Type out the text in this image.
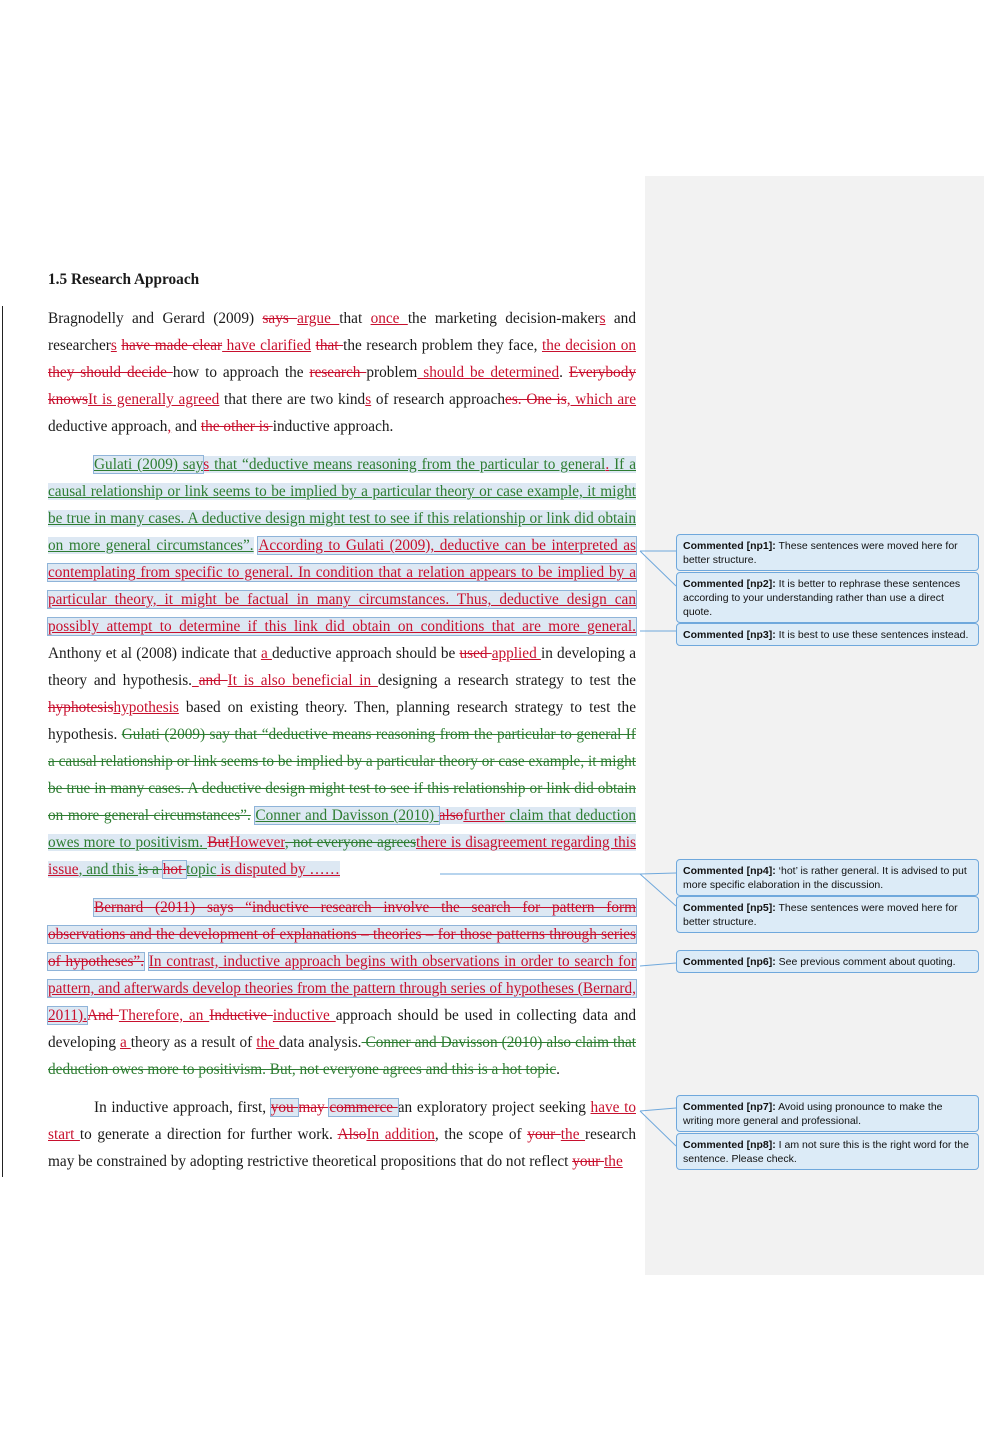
1.5 Research Approach

Bragnodelly and Gerard (2009) says argue that once the marketing decision-makers and researchers have made clear have clarified that the research problem they face, the decision on they should decide how to approach the research problem should be determined. Everybody knowsIt is generally agreed that there are two kinds of research approaches. One is, which are deductive approach, and the other is inductive approach.

Gulati (2009) says that “deductive means reasoning from the particular to general. If a causal relationship or link seems to be implied by a particular theory or case example, it might be true in many cases. A deductive design might test to see if this relationship or link did obtain on more general circumstances”. According to Gulati (2009), deductive can be interpreted as contemplating from specific to general. In condition that a relation appears to be implied by a particular theory, it might be factual in many circumstances. Thus, deductive design can possibly attempt to determine if this link did obtain on conditions that are more general. Anthony et al (2008) indicate that a deductive approach should be used applied in developing a theory and hypothesis. and It is also beneficial in designing a research strategy to test the hyphotesishypothesis based on existing theory. Then, planning research strategy to test the hypothesis. Gulati (2009) say that “deductive means reasoning from the particular to general If a causal relationship or link seems to be implied by a particular theory or case example, it might be true in many cases. A deductive design might test to see if this relationship or link did obtain on more general circumstances”. Conner and Davisson (2010) alsofurther claim that deduction owes more to positivism. ButHowever, not everyone agreesthere is disagreement regarding this issue, and this is a hot topic is disputed by ……

Bernard (2011) says “inductive research involve the search for pattern form observations and the development of explanations – theories – for those patterns through series of hypotheses”. In contrast, inductive approach begins with observations in order to search for pattern, and afterwards develop theories from the pattern through series of hypotheses (Bernard, 2011).And Therefore, an Inductive inductive approach should be used in collecting data and developing a theory as a result of the data analysis. Conner and Davisson (2010) also claim that deduction owes more to positivism. But, not everyone agrees and this is a hot topic.

In inductive approach, first, you may commerce an exploratory project seeking have to start to generate a direction for further work. AlsoIn addition, the scope of your the research may be constrained by adopting restrictive theoretical propositions that do not reflect your the

Commented [np1]: These sentences were moved here for better structure.
Commented [np2]: It is better to rephrase these sentences according to your understanding rather than use a direct quote.
Commented [np3]: It is best to use these sentences instead.
Commented [np4]: ‘hot’ is rather general. It is advised to put more specific elaboration in the discussion.
Commented [np5]: These sentences were moved here for better structure.
Commented [np6]: See previous comment about quoting.
Commented [np7]: Avoid using pronounce to make the writing more general and professional.
Commented [np8]: I am not sure this is the right word for the sentence. Please check.
